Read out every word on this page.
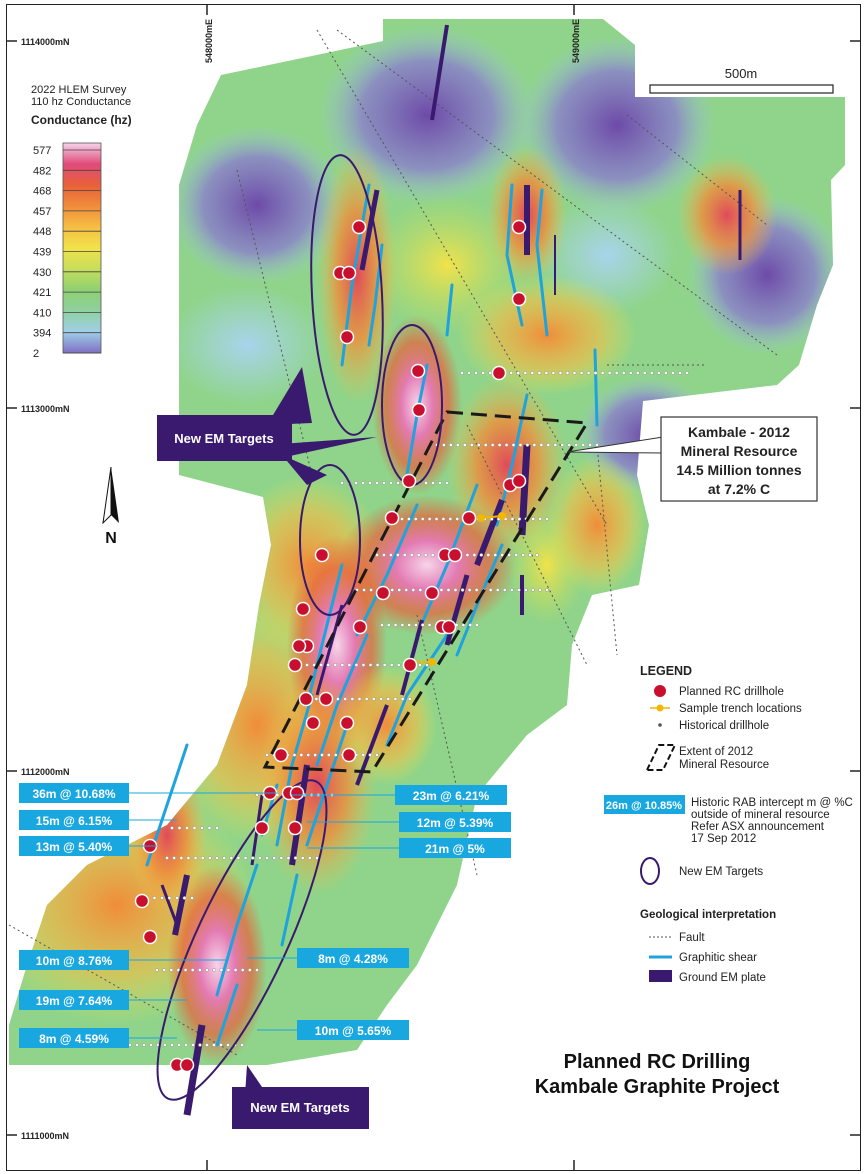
1114000mN
1113000mN
1112000mN
1111000mN
548000mE	549000mE
500m
2022 HLEM Survey
110 hz Conductance
Conductance (hz)
577
482
468
457
448
439
430
421
410
394
2
N
New EM Targets
New EM Targets
Kambale - 2012
Mineral Resource
14.5 Million tonnes
at 7.2% C
36m @ 10.68%
15m @ 6.15%
13m @ 5.40%
10m @ 8.76%
19m @ 7.64%
8m @ 4.59%
23m @ 6.21%
12m @ 5.39%
21m @ 5%
8m @ 4.28%
10m @ 5.65%
LEGEND
Planned RC drillhole
Sample trench locations
Historical drillhole
Extent of 2012
Mineral Resource
26m @ 10.85% Historic RAB intercept m @ %C
outside of mineral resource
Refer ASX announcement
17 Sep 2012
New EM Targets
Geological interpretation
Fault
Graphitic shear
Ground EM plate
Planned RC Drilling
Kambale Graphite Project
